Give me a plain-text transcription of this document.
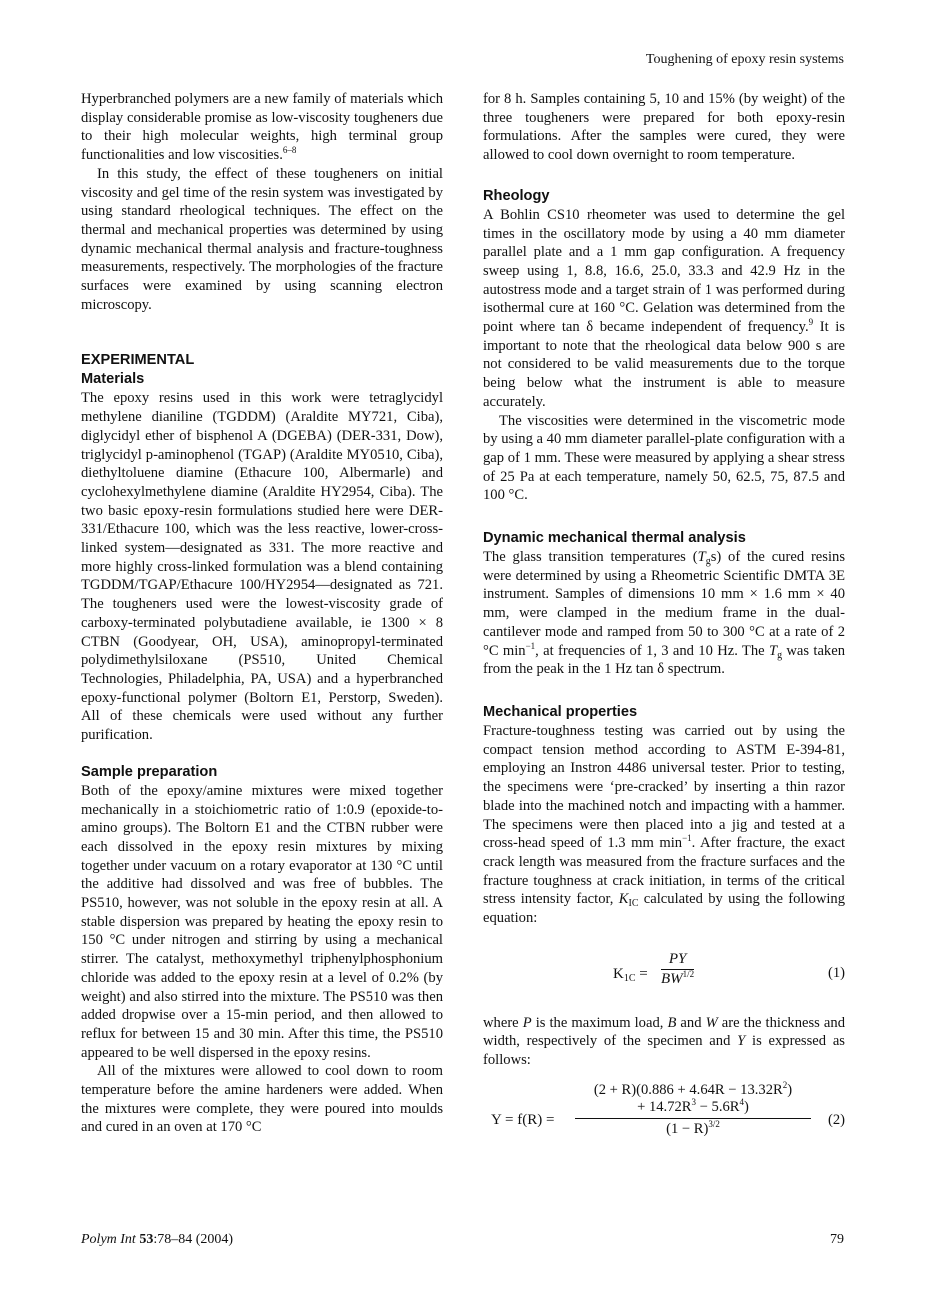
Toughening of epoxy resin systems

Hyperbranched polymers are a new family of materials which display considerable promise as low-viscosity tougheners due to their high molecular weights, high terminal group functionalities and low viscosities.$^{6-8}$

In this study, the effect of these tougheners on initial viscosity and gel time of the resin system was investigated by using standard rheological techniques. The effect on the thermal and mechanical properties was determined by using dynamic mechanical thermal analysis and fracture-toughness measurements, respectively. The morphologies of the fracture surfaces were examined by using scanning electron microscopy.

EXPERIMENTAL
Materials

The epoxy resins used in this work were tetraglycidyl methylene dianiline (TGDDM) (Araldite MY721, Ciba), diglycidyl ether of bisphenol A (DGEBA) (DER-331, Dow), triglycidyl p-aminophenol (TGAP) (Araldite MY0510, Ciba), diethyltoluene diamine (Ethacure 100, Albermarle) and cyclohexylmethylene diamine (Araldite HY2954, Ciba). The two basic epoxy-resin formulations studied here were DER-331/Ethacure 100, which was the less reactive, lower-cross-linked system—designated as 331. The more reactive and more highly cross-linked formulation was a blend containing TGDDM/TGAP/Ethacure 100/HY2954—designated as 721. The tougheners used were the lowest-viscosity grade of carboxy-terminated polybutadiene available, ie 1300 × 8 CTBN (Goodyear, OH, USA), aminopropyl-terminated polydimethylsiloxane (PS510, United Chemical Technologies, Philadelphia, PA, USA) and a hyperbranched epoxy-functional polymer (Boltorn E1, Perstorp, Sweden). All of these chemicals were used without any further purification.

Sample preparation

Both of the epoxy/amine mixtures were mixed together mechanically in a stoichiometric ratio of 1:0.9 (epoxide-to-amino groups). The Boltorn E1 and the CTBN rubber were each dissolved in the epoxy resin mixtures by mixing together under vacuum on a rotary evaporator at 130 °C until the additive had dissolved and was free of bubbles. The PS510, however, was not soluble in the epoxy resin at all. A stable dispersion was prepared by heating the epoxy resin to 150 °C under nitrogen and stirring by using a mechanical stirrer. The catalyst, methoxymethyl triphenylphosphonium chloride was added to the epoxy resin at a level of 0.2% (by weight) and also stirred into the mixture. The PS510 was then added dropwise over a 15-min period, and then allowed to reflux for between 15 and 30 min. After this time, the PS510 appeared to be well dispersed in the epoxy resins.

All of the mixtures were allowed to cool down to room temperature before the amine hardeners were added. When the mixtures were complete, they were poured into moulds and cured in an oven at 170 °C

for 8 h. Samples containing 5, 10 and 15% (by weight) of the three tougheners were prepared for both epoxy-resin formulations. After the samples were cured, they were allowed to cool down overnight to room temperature.

Rheology

A Bohlin CS10 rheometer was used to determine the gel times in the oscillatory mode by using a 40 mm diameter parallel plate and a 1 mm gap configuration. A frequency sweep using 1, 8.8, 16.6, 25.0, 33.3 and 42.9 Hz in the autostress mode and a target strain of 1 was performed during isothermal cure at 160 °C. Gelation was determined from the point where tan δ became independent of frequency.$^9$ It is important to note that the rheological data below 900 s are not considered to be valid measurements due to the torque being below what the instrument is able to measure accurately.

The viscosities were determined in the viscometric mode by using a 40 mm diameter parallel-plate configuration with a gap of 1 mm. These were measured by applying a shear stress of 25 Pa at each temperature, namely 50, 62.5, 75, 87.5 and 100 °C.

Dynamic mechanical thermal analysis

The glass transition temperatures $(T_gs)$ of the cured resins were determined by using a Rheometric Scientific DMTA 3E instrument. Samples of dimensions 10 mm × 1.6 mm × 40 mm, were clamped in the medium frame in the dual-cantilever mode and ramped from 50 to 300 °C at a rate of 2 °C $\min^{-1}$, at frequencies of 1, 3 and 10 Hz. The $T_g$ was taken from the peak in the 1 Hz tan δ spectrum.

Mechanical properties

Fracture-toughness testing was carried out by using the compact tension method according to ASTM E-394-81, employing an Instron 4486 universal tester. Prior to testing, the specimens were ‘pre-cracked’ by inserting a thin razor blade into the machined notch and impacting with a hammer. The specimens were then placed into a jig and tested at a cross-head speed of 1.3 mm $\min^{-1}$. After fracture, the exact crack length was measured from the fracture surfaces and the fracture toughness at crack initiation, in terms of the critical stress intensity factor, $K_{IC}$ calculated by using the following equation:

$K_{1C} = \frac{PY}{BW^{1/2}}$	(1)

where P is the maximum load, B and W are the thickness and width, respectively of the specimen and Y is expressed as follows:

$Y = f(R) = (2 + R)(0.886 + 4.64R - 13.32R^2)$
+ $14.72R^3 - 5.6R^4$)
$(1 - R)^{3/2}$ (2)
Polym Int 53:78–84 (2004)	79
